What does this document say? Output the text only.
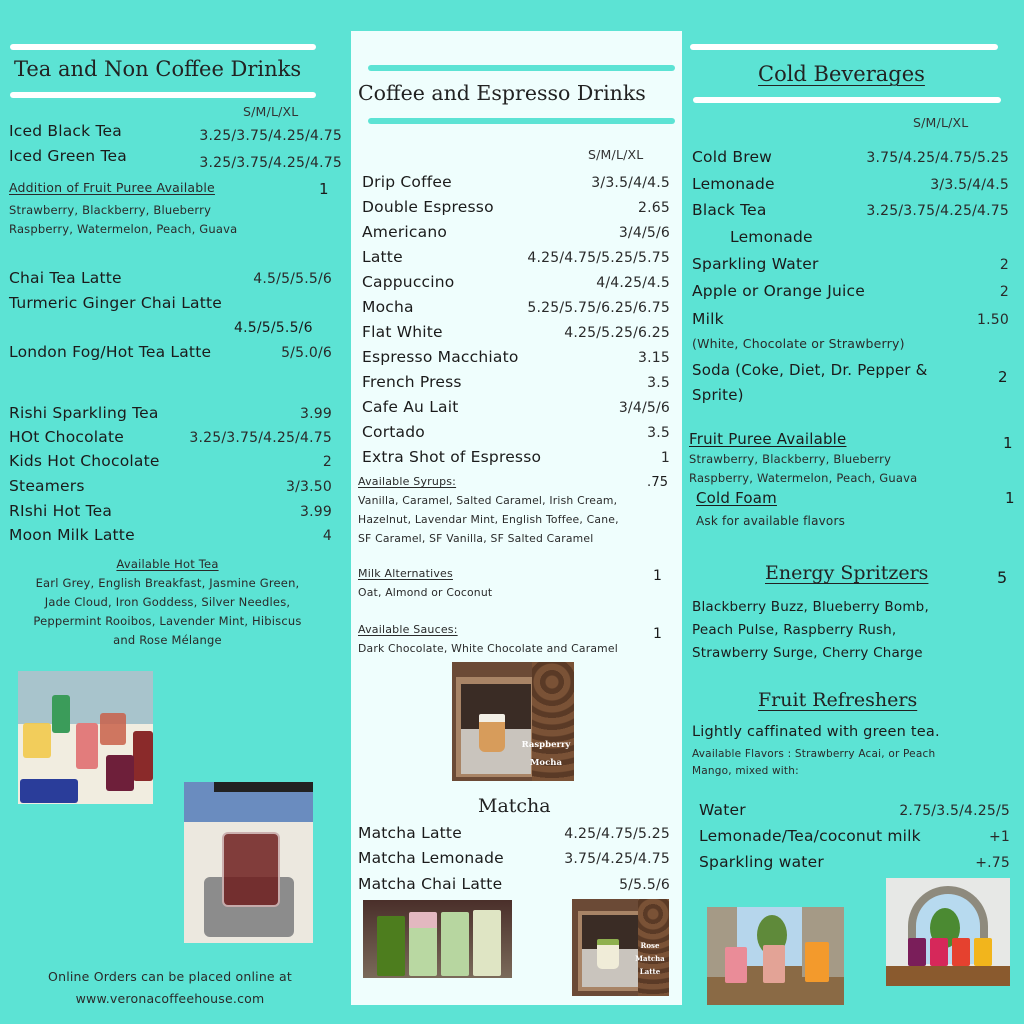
Tea and Non Coffee Drinks
S/M/L/XL
Iced Black Tea	3.25/3.75/4.25/4.75
Iced Green Tea	3.25/3.75/4.25/4.75
Addition of Fruit Puree Available	1
Strawberry, Blackberry, Blueberry
Raspberry, Watermelon, Peach, Guava
Chai Tea Latte	4.5/5/5.5/6
Turmeric Ginger Chai Latte
4.5/5/5.5/6
London Fog/Hot Tea Latte	5/5.0/6
Rishi Sparkling Tea	3.99
HOt Chocolate	3.25/3.75/4.25/4.75
Kids Hot Chocolate	2
Steamers	3/3.50
RIshi Hot Tea	3.99
Moon Milk Latte	4
Available Hot Tea
Earl Grey, English Breakfast, Jasmine Green,
Jade Cloud, Iron Goddess, Silver Needles,
Peppermint Rooibos, Lavender Mint, Hibiscus
and Rose Mélange
Online Orders can be placed online at
www.veronacoffeehouse.com
Coffee and Espresso Drinks
S/M/L/XL
Drip Coffee	3/3.5/4/4.5
Double Espresso	2.65
Americano	3/4/5/6
Latte	4.25/4.75/5.25/5.75
Cappuccino	4/4.25/4.5
Mocha	5.25/5.75/6.25/6.75
Flat White	4.25/5.25/6.25
Espresso Macchiato	3.15
French Press	3.5
Cafe Au Lait	3/4/5/6
Cortado	3.5
Extra Shot of Espresso	1
Available Syrups:	.75
Vanilla, Caramel, Salted Caramel, Irish Cream,
Hazelnut, Lavendar Mint, English Toffee, Cane,
SF Caramel, SF Vanilla, SF Salted Caramel
Milk Alternatives	1
Oat, Almond or Coconut
Available Sauces:	1
Dark Chocolate, White Chocolate and Caramel
Raspberry
Mocha
Matcha
Matcha Latte	4.25/4.75/5.25
Matcha Lemonade	3.75/4.25/4.75
Matcha Chai Latte	5/5.5/6
Rose
Matcha
Latte
Cold Beverages
S/M/L/XL
Cold Brew	3.75/4.25/4.75/5.25
Lemonade	3/3.5/4/4.5
Black Tea	3.25/3.75/4.25/4.75
Lemonade
Sparkling Water	2
Apple or Orange Juice	2
Milk	1.50
(White, Chocolate or Strawberry)
Soda (Coke, Diet, Dr. Pepper &
Sprite)
2
Fruit Puree Available	1
Strawberry, Blackberry, Blueberry
Raspberry, Watermelon, Peach, Guava
Cold Foam	1
Ask for available flavors
Energy Spritzers	5
Blackberry Buzz, Blueberry Bomb,
Peach Pulse, Raspberry Rush,
Strawberry Surge, Cherry Charge
Fruit Refreshers
Lightly caffinated with green tea.
Available Flavors : Strawberry Acai, or Peach
Mango, mixed with:
Water	2.75/3.5/4.25/5
Lemonade/Tea/coconut milk	+1
Sparkling water	+.75
